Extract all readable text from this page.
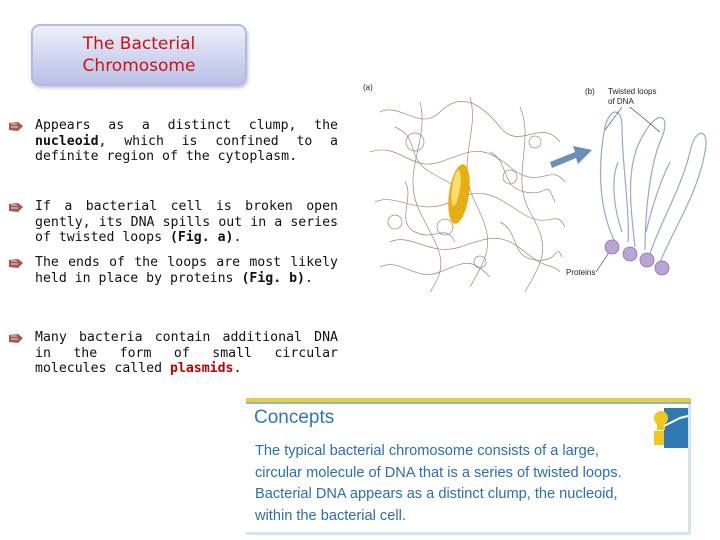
The Bacterial
Chromosome
Appears as a distinct clump, the nucleoid, which is confined to a definite region of the cytoplasm.
If a bacterial cell is broken open gently, its DNA spills out in a series of twisted loops (Fig. a).
The ends of the loops are most likely held in place by proteins (Fig. b).
Many bacteria contain additional DNA in the form of small circular molecules called plasmids.
(a)	(b) Twisted loops
of DNA
Proteins
Concepts
The typical bacterial chromosome consists of a large, circular molecule of DNA that is a series of twisted loops. Bacterial DNA appears as a distinct clump, the nucleoid, within the bacterial cell.
